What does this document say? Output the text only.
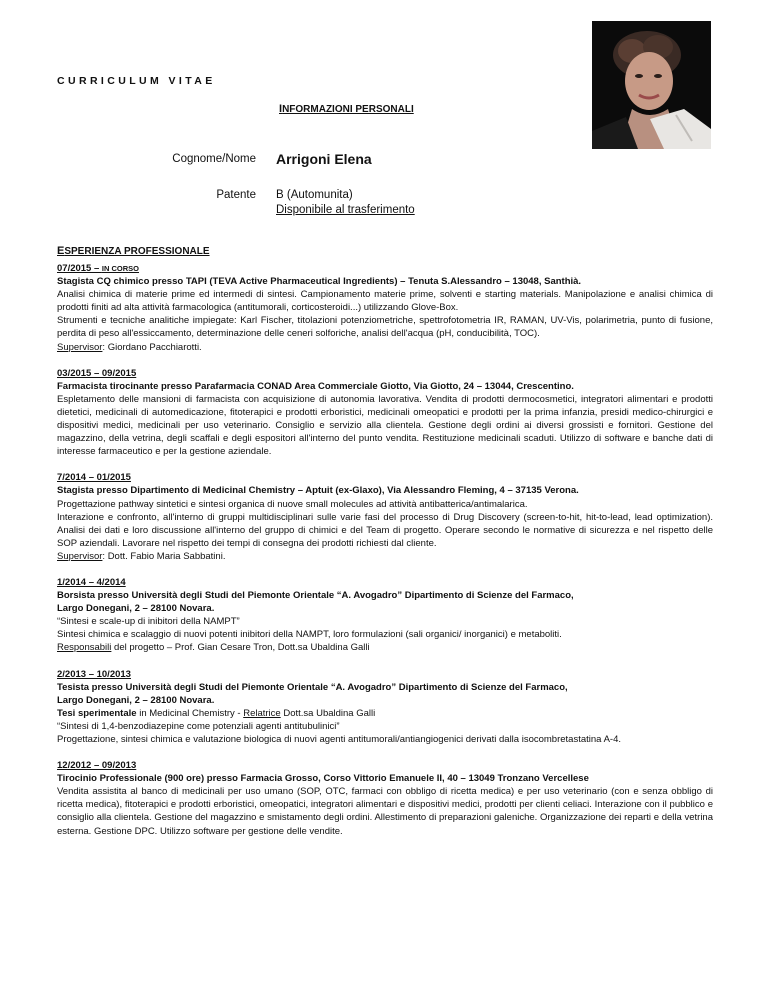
CURRICULUM VITAE
INFORMAZIONI PERSONALI
Cognome/Nome Arrigoni Elena
Patente B (Automunita)
Disponibile al trasferimento
ESPERIENZA PROFESSIONALE
07/2015 – IN CORSO
Stagista CQ chimico presso TAPI (TEVA Active Pharmaceutical Ingredients) – Tenuta S.Alessandro – 13048, Santhià.

Analisi chimica di materie prime ed intermedi di sintesi. Campionamento materie prime, solventi e starting materials. Manipolazione e analisi chimica di prodotti finiti ad alta attività farmacologica (antitumorali, corticosteroidi...) utilizzando Glove-Box.

Strumenti e tecniche analitiche impiegate: Karl Fischer, titolazioni potenziometriche, spettrofotometria IR, RAMAN, UV-Vis, polarimetria, punto di fusione, perdita di peso all'essiccamento, determinazione delle ceneri solforiche, analisi dell'acqua (pH, conducibilità, TOC).

Supervisor: Giordano Pacchiarotti.

03/2015 – 09/2015
Farmacista tirocinante presso Parafarmacia CONAD Area Commerciale Giotto, Via Giotto, 24 – 13044, Crescentino.

Espletamento delle mansioni di farmacista con acquisizione di autonomia lavorativa. Vendita di prodotti dermocosmetici, integratori alimentari e prodotti dietetici, medicinali di automedicazione, fitoterapici e prodotti erboristici, medicinali omeopatici e prodotti per la prima infanzia, presidi medico-chirurgici e dispositivi medici, medicinali per uso veterinario. Consiglio e servizio alla clientela. Gestione degli ordini ai diversi grossisti e fornitori. Gestione del magazzino, della vetrina, degli scaffali e degli espositori all'interno del punto vendita. Restituzione medicinali scaduti. Utilizzo di software e banche dati di interesse farmaceutico e per la gestione aziendale.

7/2014 – 01/2015
Stagista presso Dipartimento di Medicinal Chemistry – Aptuit (ex-Glaxo), Via Alessandro Fleming, 4 – 37135 Verona.

Progettazione pathway sintetici e sintesi organica di nuove small molecules ad attività antibatterica/antimalarica.

Interazione e confronto, all'interno di gruppi multidisciplinari sulle varie fasi del processo di Drug Discovery (screen-to-hit, hit-to-lead, lead optimization). Analisi dei dati e loro discussione all'interno del gruppo di chimici e del Team di progetto. Operare secondo le normative di sicurezza e nel rispetto delle SOP aziendali. Lavorare nel rispetto dei tempi di consegna dei prodotti richiesti dal cliente.

Supervisor: Dott. Fabio Maria Sabbatini.

1/2014 – 4/2014
Borsista presso Università degli Studi del Piemonte Orientale “A. Avogadro” Dipartimento di Scienze del Farmaco,
Largo Donegani, 2 – 28100 Novara.

“Sintesi e scale-up di inibitori della NAMPT”

Sintesi chimica e scalaggio di nuovi potenti inibitori della NAMPT, loro formulazioni (sali organici/ inorganici) e metaboliti.

Responsabili del progetto – Prof. Gian Cesare Tron, Dott.sa Ubaldina Galli

2/2013 – 10/2013
Tesista presso Università degli Studi del Piemonte Orientale “A. Avogadro” Dipartimento di Scienze del Farmaco,
Largo Donegani, 2 – 28100 Novara.

Tesi sperimentale in Medicinal Chemistry - Relatrice Dott.sa Ubaldina Galli

“Sintesi di 1,4-benzodiazepine come potenziali agenti antitubulinici”

Progettazione, sintesi chimica e valutazione biologica di nuovi agenti antitumorali/antiangiogenici derivati dalla isocombretastatina A-4.

12/2012 – 09/2013
Tirocinio Professionale (900 ore) presso Farmacia Grosso, Corso Vittorio Emanuele II, 40 – 13049 Tronzano Vercellese

Vendita assistita al banco di medicinali per uso umano (SOP, OTC, farmaci con obbligo di ricetta medica) e per uso veterinario (con e senza obbligo di ricetta medica), fitoterapici e prodotti erboristici, omeopatici, integratori alimentari e dispositivi medici, prodotti per clienti celiaci. Interazione con il pubblico e consiglio alla clientela. Gestione del magazzino e smistamento degli ordini. Allestimento di preparazioni galeniche. Organizzazione dei reparti e della vetrina esterna. Gestione DPC. Utilizzo software per gestione delle vendite.
